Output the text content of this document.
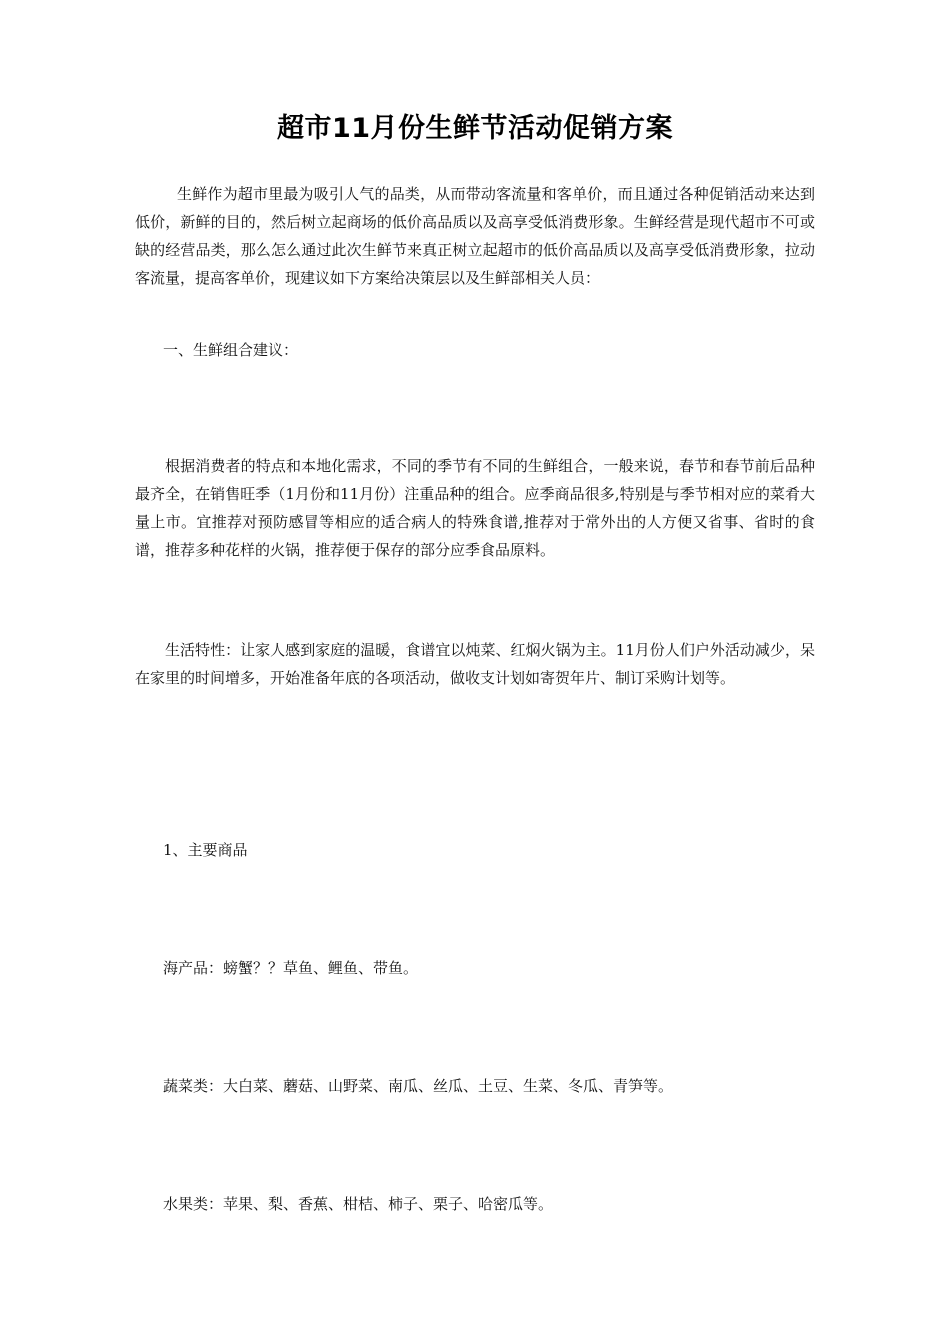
超市11月份生鲜节活动促销方案

生鲜作为超市里最为吸引人气的品类，从而带动客流量和客单价，而且通过各种促销活动来达到低价，新鲜的目的，然后树立起商场的低价高品质以及高享受低消费形象。生鲜经营是现代超市不可或缺的经营品类，那么怎么通过此次生鲜节来真正树立起超市的低价高品质以及高享受低消费形象，拉动客流量，提高客单价，现建议如下方案给决策层以及生鲜部相关人员：

一、生鲜组合建议：

根据消费者的特点和本地化需求，不同的季节有不同的生鲜组合，一般来说，春节和春节前后品种最齐全，在销售旺季（1月份和11月份）注重品种的组合。应季商品很多,特别是与季节相对应的菜肴大量上市。宜推荐对预防感冒等相应的适合病人的特殊食谱,推荐对于常外出的人方便又省事、省时的食谱，推荐多种花样的火锅，推荐便于保存的部分应季食品原料。

生活特性：让家人感到家庭的温暖，食谱宜以炖菜、红焖火锅为主。11月份人们户外活动减少，呆在家里的时间增多，开始准备年底的各项活动，做收支计划如寄贺年片、制订采购计划等。

1、主要商品

海产品：螃蟹？？草鱼、鲤鱼、带鱼。

蔬菜类：大白菜、蘑菇、山野菜、南瓜、丝瓜、土豆、生菜、冬瓜、青笋等。

水果类：苹果、梨、香蕉、柑桔、柿子、栗子、哈密瓜等。
